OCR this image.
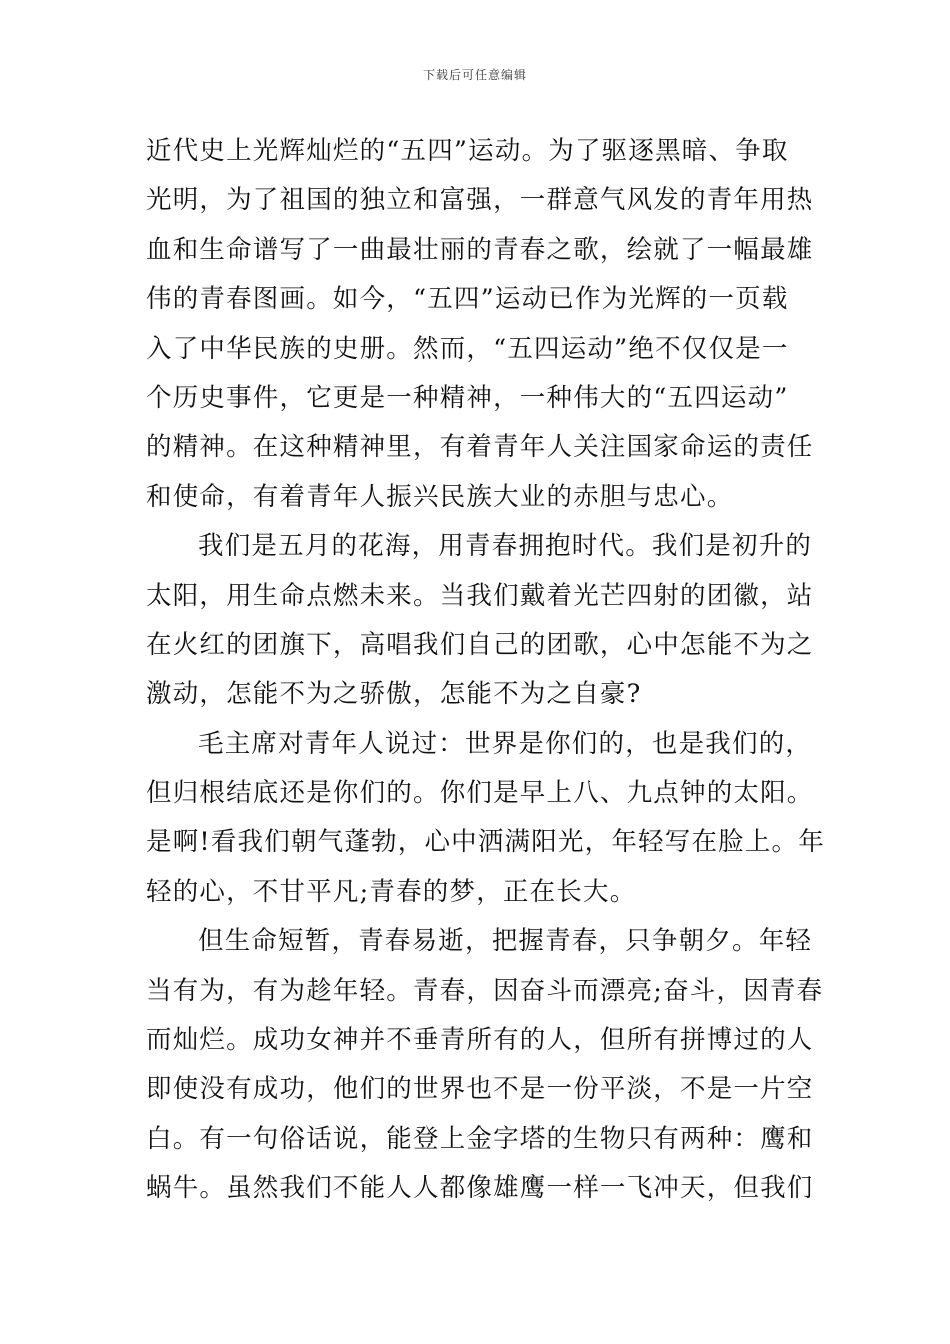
下载后可任意编辑
近代史上光辉灿烂的“五四”运动。为了驱逐黑暗、争取
光明，为了祖国的独立和富强，一群意气风发的青年用热
血和生命谱写了一曲最壮丽的青春之歌，绘就了一幅最雄
伟的青春图画。如今，“五四”运动已作为光辉的一页载
入了中华民族的史册。然而，“五四运动”绝不仅仅是一
个历史事件，它更是一种精神，一种伟大的“五四运动”
的精神。在这种精神里，有着青年人关注国家命运的责任
和使命，有着青年人振兴民族大业的赤胆与忠心。
我们是五月的花海，用青春拥抱时代。我们是初升的
太阳，用生命点燃未来。当我们戴着光芒四射的团徽，站
在火红的团旗下，高唱我们自己的团歌，心中怎能不为之
激动，怎能不为之骄傲，怎能不为之自豪?
毛主席对青年人说过：世界是你们的，也是我们的，
但归根结底还是你们的。你们是早上八、九点钟的太阳。
是啊!看我们朝气蓬勃，心中洒满阳光，年轻写在脸上。年
轻的心，不甘平凡;青春的梦，正在长大。
但生命短暂，青春易逝，把握青春，只争朝夕。年轻
当有为，有为趁年轻。青春，因奋斗而漂亮;奋斗，因青春
而灿烂。成功女神并不垂青所有的人，但所有拼博过的人
即使没有成功，他们的世界也不是一份平淡，不是一片空
白。有一句俗话说，能登上金字塔的生物只有两种：鹰和
蜗牛。虽然我们不能人人都像雄鹰一样一飞冲天，但我们
